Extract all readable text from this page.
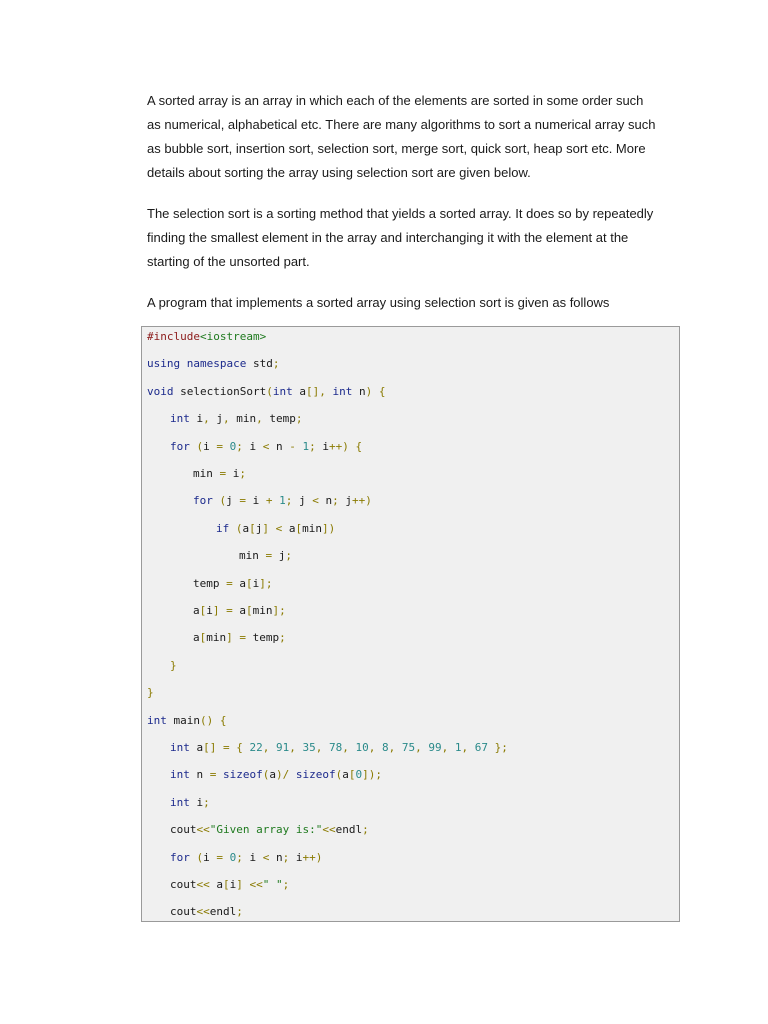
A sorted array is an array in which each of the elements are sorted in some order such
as numerical, alphabetical etc. There are many algorithms to sort a numerical array such
as bubble sort, insertion sort, selection sort, merge sort, quick sort, heap sort etc. More
details about sorting the array using selection sort are given below.

The selection sort is a sorting method that yields a sorted array. It does so by repeatedly
finding the smallest element in the array and interchanging it with the element at the
starting of the unsorted part.

A program that implements a sorted array using selection sort is given as follows

#include<iostream>
using namespace std;
void selectionSort(int a[], int n) {
int i, j, min, temp;
for (i = 0; i < n - 1; i++) {
min = i;
for (j = i + 1; j < n; j++)
if (a[j] < a[min])
min = j;
temp = a[i];
a[i] = a[min];
a[min] = temp;
}
}
int main() {
int a[] = { 22, 91, 35, 78, 10, 8, 75, 99, 1, 67 };
int n = sizeof(a)/ sizeof(a[0]);
int i;
cout<<"Given array is:"<<endl;
for (i = 0; i < n; i++)
cout<< a[i] <<" ";
cout<<endl;
